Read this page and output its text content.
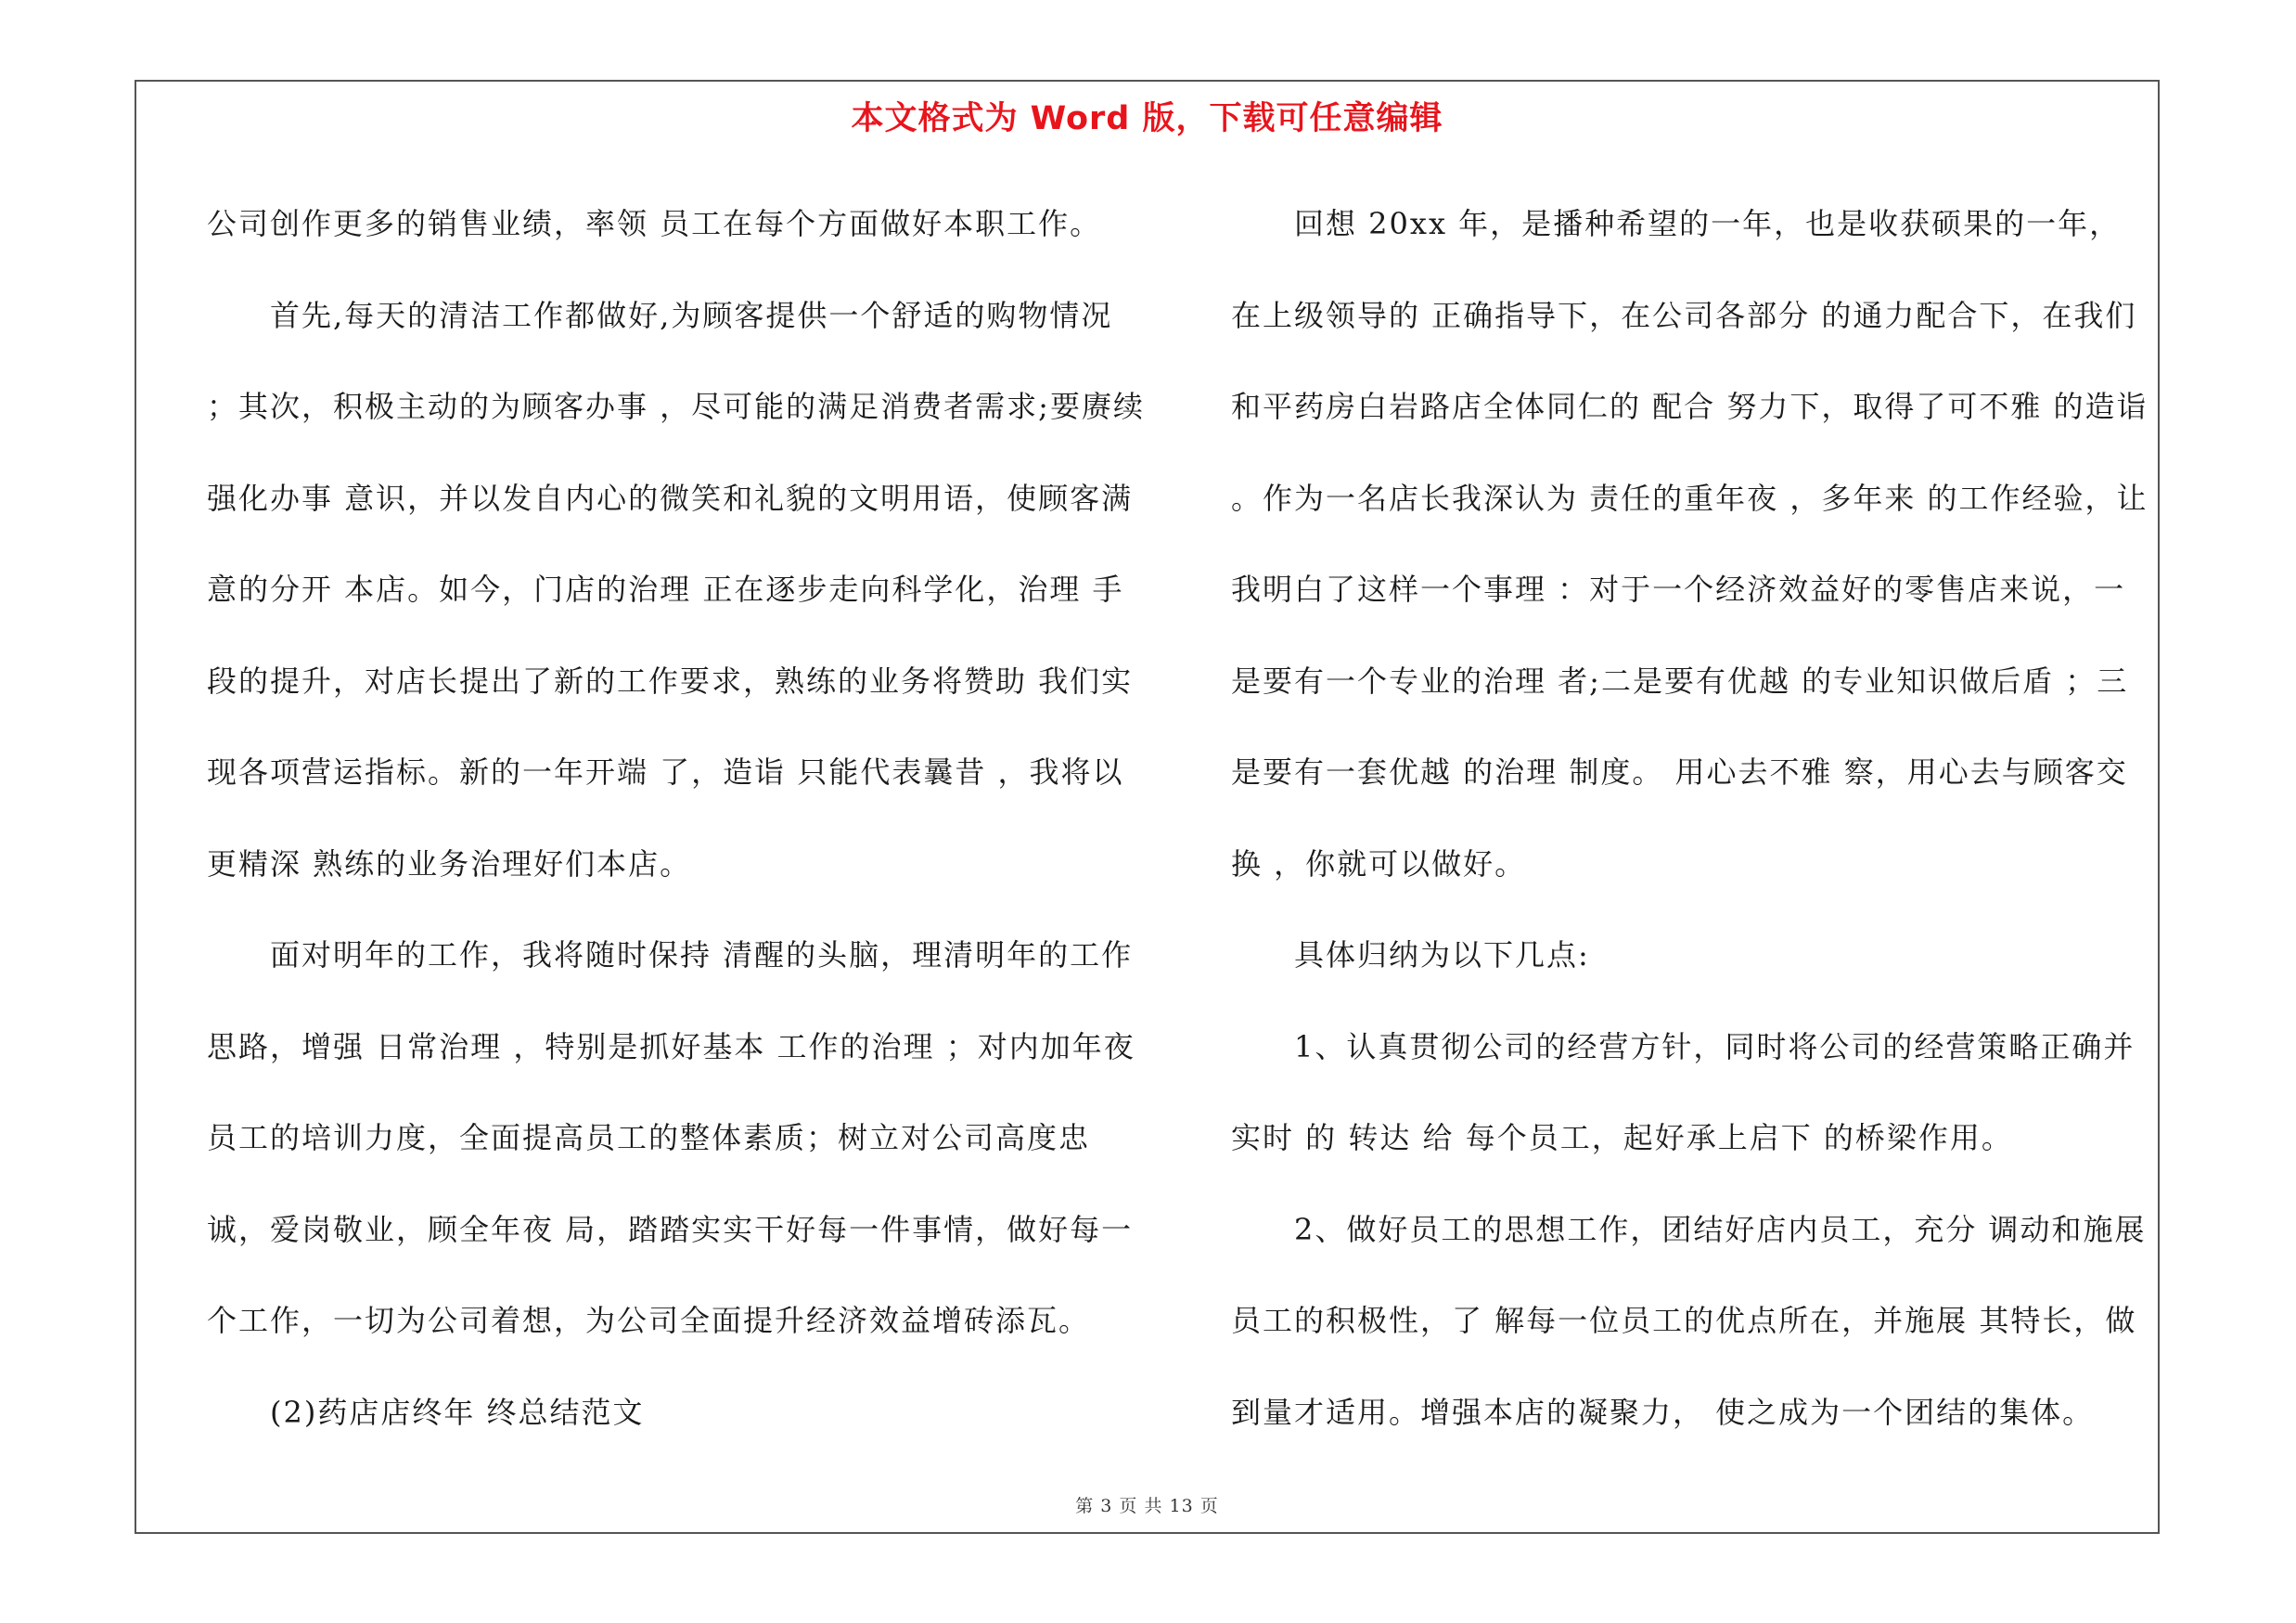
本文格式为 Word 版，下载可任意编辑

公司创作更多的销售业绩，率领 员工在每个方面做好本职工作。

首先,每天的清洁工作都做好,为顾客提供一个舒适的购物情况 ；其次，积极主动的为顾客办事 ，尽可能的满足消费者需求;要赓续强化办事 意识，并以发自内心的微笑和礼貌的文明用语，使顾客满意的分开 本店。如今，门店的治理 正在逐步走向科学化，治理 手段的提升，对店长提出了新的工作要求，熟练的业务将赞助 我们实现各项营运指标。新的一年开端 了，造诣 只能代表曩昔 ，我将以更精深 熟练的业务治理好们本店。

面对明年的工作，我将随时保持 清醒的头脑，理清明年的工作思路，增强 日常治理 ，特别是抓好基本 工作的治理 ；对内加年夜员工的培训力度，全面提高员工的整体素质；树立对公司高度忠诚，爱岗敬业，顾全年夜 局，踏踏实实干好每一件事情，做好每一个工作，一切为公司着想，为公司全面提升经济效益增砖添瓦。

(2)药店店终年 终总结范文

回想 20xx 年，是播种希望的一年，也是收获硕果的一年，在上级领导的 正确指导下，在公司各部分 的通力配合下，在我们和平药房白岩路店全体同仁的 配合 努力下，取得了可不雅 的造诣 。作为一名店长我深认为 责任的重年夜 ，多年来 的工作经验，让我明白了这样一个事理 ：对于一个经济效益好的零售店来说，一 是要有一个专业的治理 者;二是要有优越 的专业知识做后盾 ；三是要有一套优越 的治理 制度。 用心去不雅 察，用心去与顾客交换 ，你就可以做好。

具体归纳为以下几点:

1、认真贯彻公司的经营方针，同时将公司的经营策略正确并实时 的 转达 给 每个员工，起好承上启下 的桥梁作用。

2、做好员工的思想工作，团结好店内员工，充分 调动和施展员工的积极性，了 解每一位员工的优点所在，并施展 其特长，做到量才适用。增强本店的凝聚力， 使之成为一个团结的集体。

第 3 页 共 13 页
